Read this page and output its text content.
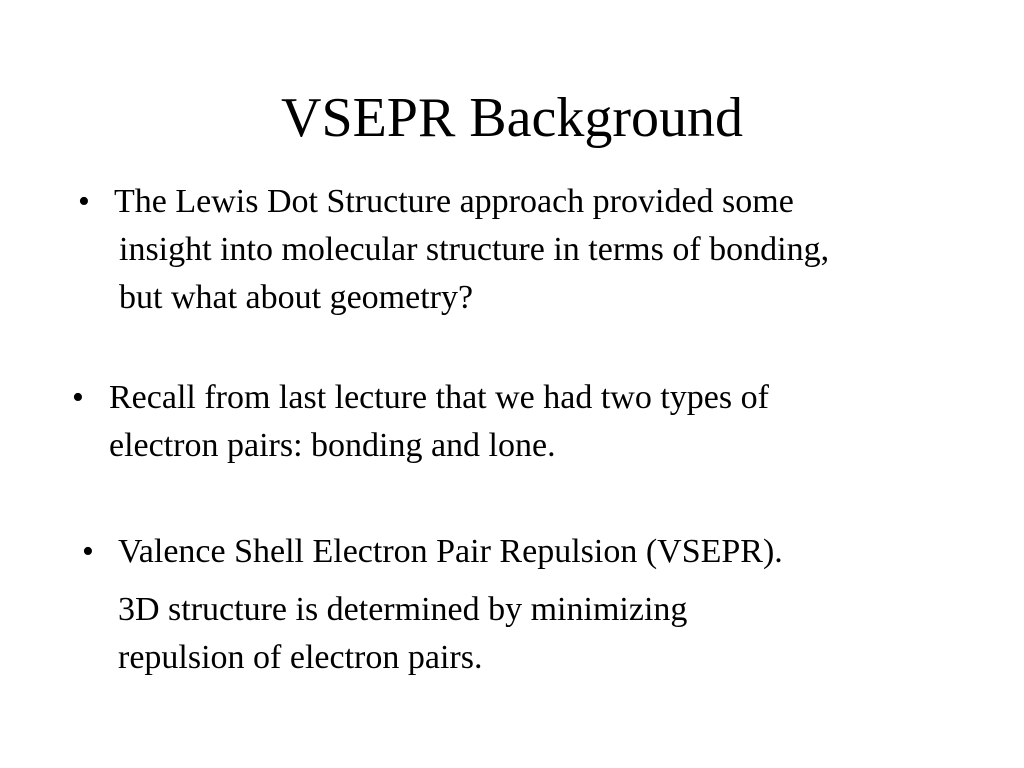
VSEPR Background
• The Lewis Dot Structure approach provided some
insight into molecular structure in terms of bonding,
but what about geometry?
• Recall from last lecture that we had two types of
electron pairs: bonding and lone.
• Valence Shell Electron Pair Repulsion (VSEPR).
3D structure is determined by minimizing
repulsion of electron pairs.
